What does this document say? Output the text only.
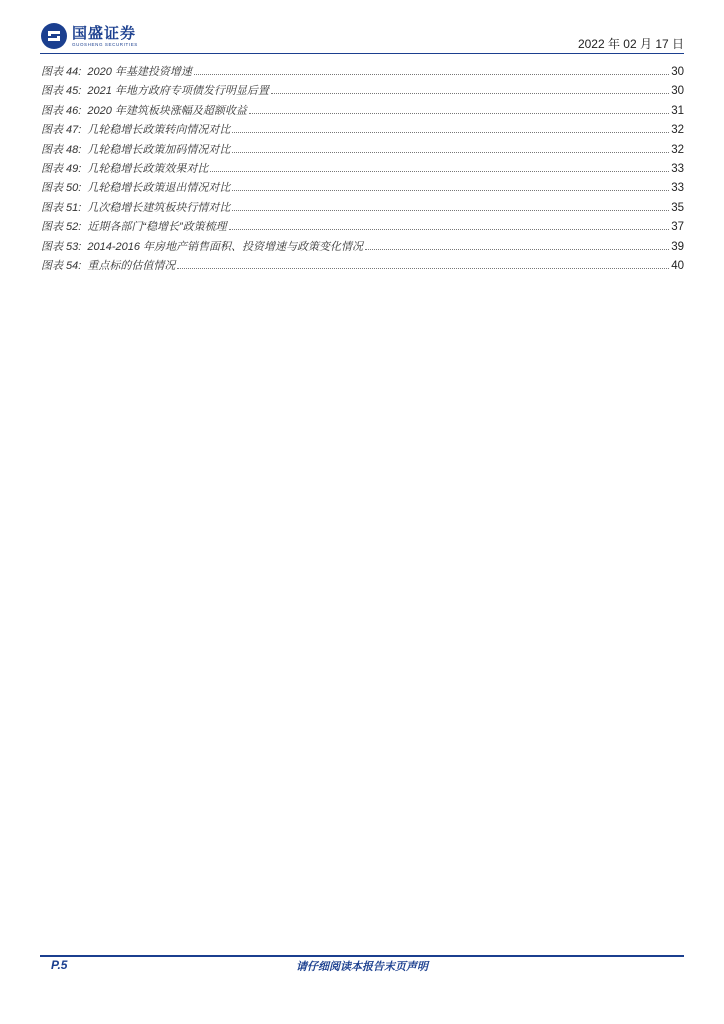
国盛证券
GUOSHENG SECURITIES	2022 年 02 月 17 日
图表 44: 2020 年基建投资增速	30
图表 45: 2021 年地方政府专项债发行明显后置	30
图表 46: 2020 年建筑板块涨幅及超额收益	31
图表 47: 几轮稳增长政策转向情况对比	32
图表 48: 几轮稳增长政策加码情况对比	32
图表 49: 几轮稳增长政策效果对比	33
图表 50: 几轮稳增长政策退出情况对比	33
图表 51: 几次稳增长建筑板块行情对比	35
图表 52: 近期各部门“稳增长”政策梳理	37
图表 53: 2014-2016 年房地产销售面积、投资增速与政策变化情况	39
图表 54: 重点标的估值情况	40
P.5	请仔细阅读本报告末页声明
